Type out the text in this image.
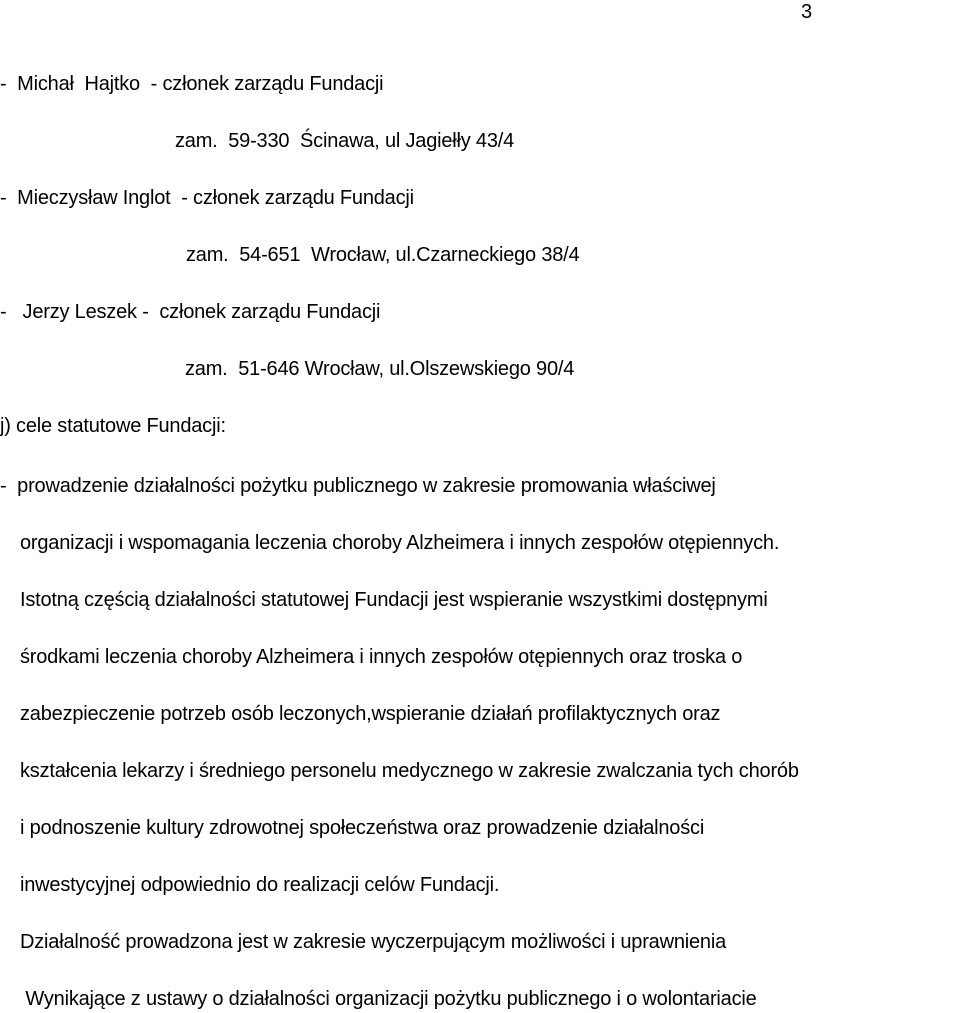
3
-  Michał  Hajtko  - członek zarządu Fundacji
zam.  59-330  Ścinawa, ul Jagiełły 43/4
-  Mieczysław Inglot  - członek zarządu Fundacji
zam.  54-651  Wrocław, ul.Czarneckiego 38/4
-   Jerzy Leszek -  członek zarządu Fundacji
zam.  51-646 Wrocław, ul.Olszewskiego 90/4
j) cele statutowe Fundacji:
-  prowadzenie działalności pożytku publicznego w zakresie promowania właściwej
organizacji i wspomagania leczenia choroby Alzheimera i innych zespołów otępiennych.
Istotną częścią działalności statutowej Fundacji jest wspieranie wszystkimi dostępnymi
środkami leczenia choroby Alzheimera i innych zespołów otępiennych oraz troska o
zabezpieczenie potrzeb osób leczonych,wspieranie działań profilaktycznych oraz
kształcenia lekarzy i średniego personelu medycznego w zakresie zwalczania tych chorób
i podnoszenie kultury zdrowotnej społeczeństwa oraz prowadzenie działalności
inwestycyjnej odpowiednio do realizacji celów Fundacji.
Działalność prowadzona jest w zakresie wyczerpującym możliwości i uprawnienia
Wynikające z ustawy o działalności organizacji pożytku publicznego i o wolontariacie
